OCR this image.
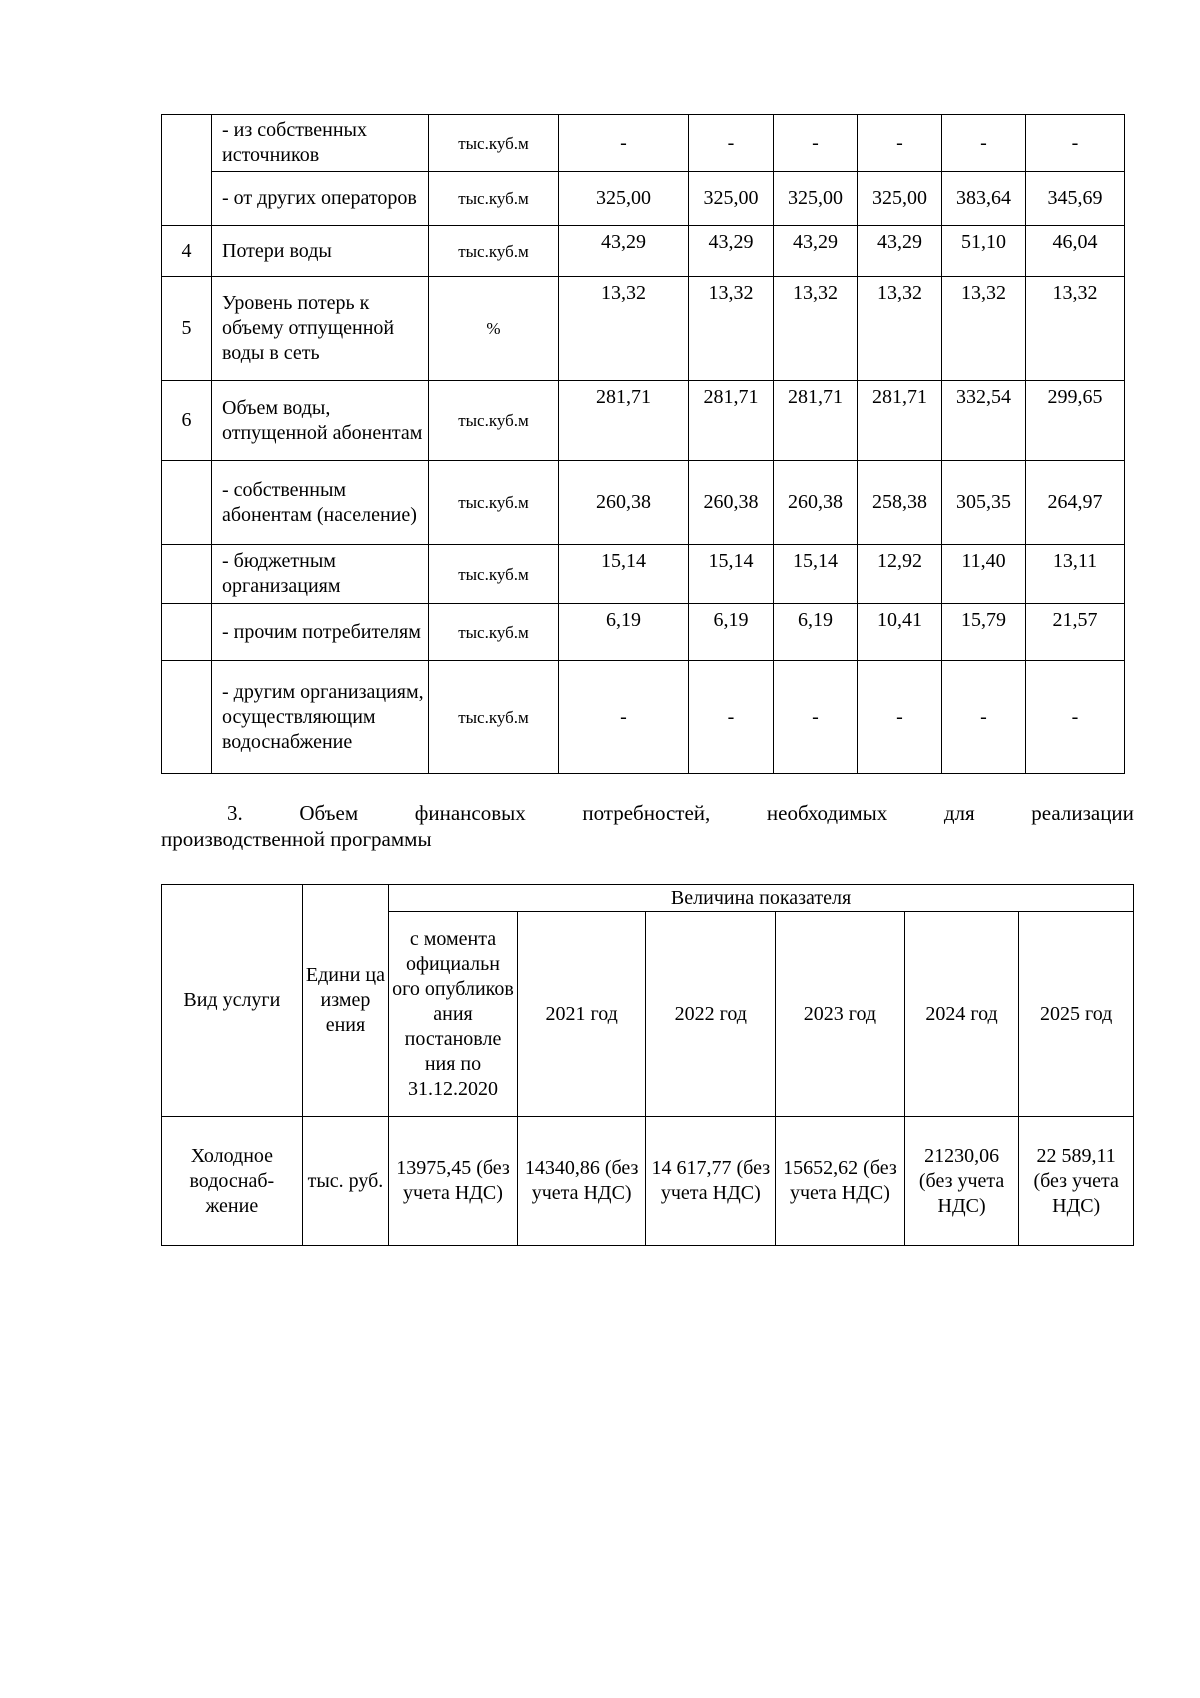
	- из собственных источников	тыс.куб.м	-	-	-	-	-	-
	- от других операторов	тыс.куб.м	325,00	325,00	325,00	325,00	383,64	345,69
4	Потери воды	тыс.куб.м	43,29	43,29	43,29	43,29	51,10	46,04
5	Уровень потерь к объему отпущенной воды в сеть	%	13,32	13,32	13,32	13,32	13,32	13,32
6	Объем воды, отпущенной абонентам	тыс.куб.м	281,71	281,71	281,71	281,71	332,54	299,65
	- собственным абонентам (население)	тыс.куб.м	260,38	260,38	260,38	258,38	305,35	264,97
	- бюджетным организациям	тыс.куб.м	15,14	15,14	15,14	12,92	11,40	13,11
	- прочим потребителям	тыс.куб.м	6,19	6,19	6,19	10,41	15,79	21,57
	- другим организациям, осуществляющим водоснабжение	тыс.куб.м	-	-	-	-	-	-
3.	Объем	финансовых	потребностей,	необходимых	для	реализации
производственной программы
Вид услуги	Едини ца измер ения	Величина показателя					
		с момента официальн ого опубликов ания постановле ния по 31.12.2020	2021 год	2022 год	2023 год	2024 год	2025 год
Холодное водоснаб-жение	тыс. руб.	13975,45 (без учета НДС)	14340,86 (без учета НДС)	14 617,77 (без учета НДС)	15652,62 (без учета НДС)	21230,06 (без учета НДС)	22 589,11 (без учета НДС)
